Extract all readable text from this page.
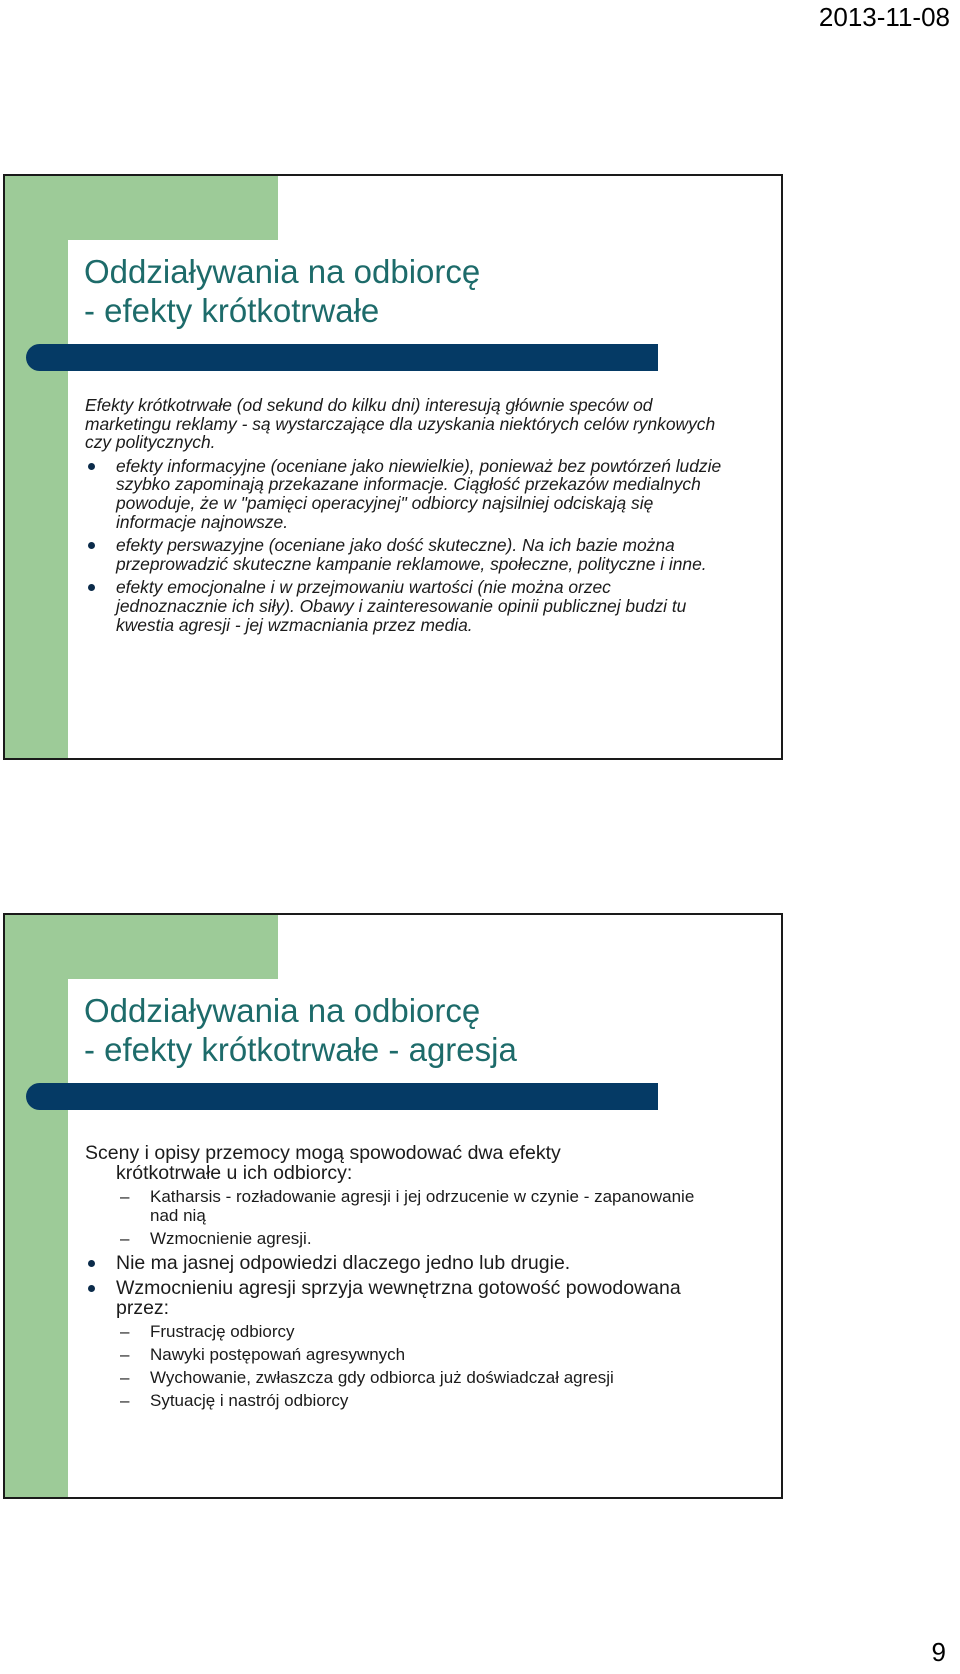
2013-11-08
Oddziaływania na odbiorcę
- efekty krótkotrwałe

Efekty krótkotrwałe (od sekund do kilku dni) interesują głównie speców od marketingu reklamy - są wystarczające dla uzyskania niektórych celów rynkowych czy politycznych.

efekty informacyjne (oceniane jako niewielkie), ponieważ bez powtórzeń ludzie szybko zapominają przekazane informacje. Ciągłość przekazów medialnych powoduje, że w "pamięci operacyjnej" odbiorcy najsilniej odciskają się informacje najnowsze.
efekty perswazyjne (oceniane jako dość skuteczne). Na ich bazie można przeprowadzić skuteczne kampanie reklamowe, społeczne, polityczne i inne.
efekty emocjonalne i w przejmowaniu wartości (nie można orzec jednoznacznie ich siły). Obawy i zainteresowanie opinii publicznej budzi tu kwestia agresji - jej wzmacniania przez media.
Oddziaływania na odbiorcę
- efekty krótkotrwałe - agresja

Sceny i opisy przemocy mogą spowodować dwa efekty
krótkotrwałe u ich odbiorcy:

– Katharsis - rozładowanie agresji i jej odrzucenie w czynie - zapanowanie nad nią
– Wzmocnienie agresji.
Nie ma jasnej odpowiedzi dlaczego jedno lub drugie.
Wzmocnieniu agresji sprzyja wewnętrzna gotowość powodowana przez:
– Frustrację odbiorcy
– Nawyki postępowań agresywnych
– Wychowanie, zwłaszcza gdy odbiorca już doświadczał agresji
– Sytuację i nastrój odbiorcy
9
